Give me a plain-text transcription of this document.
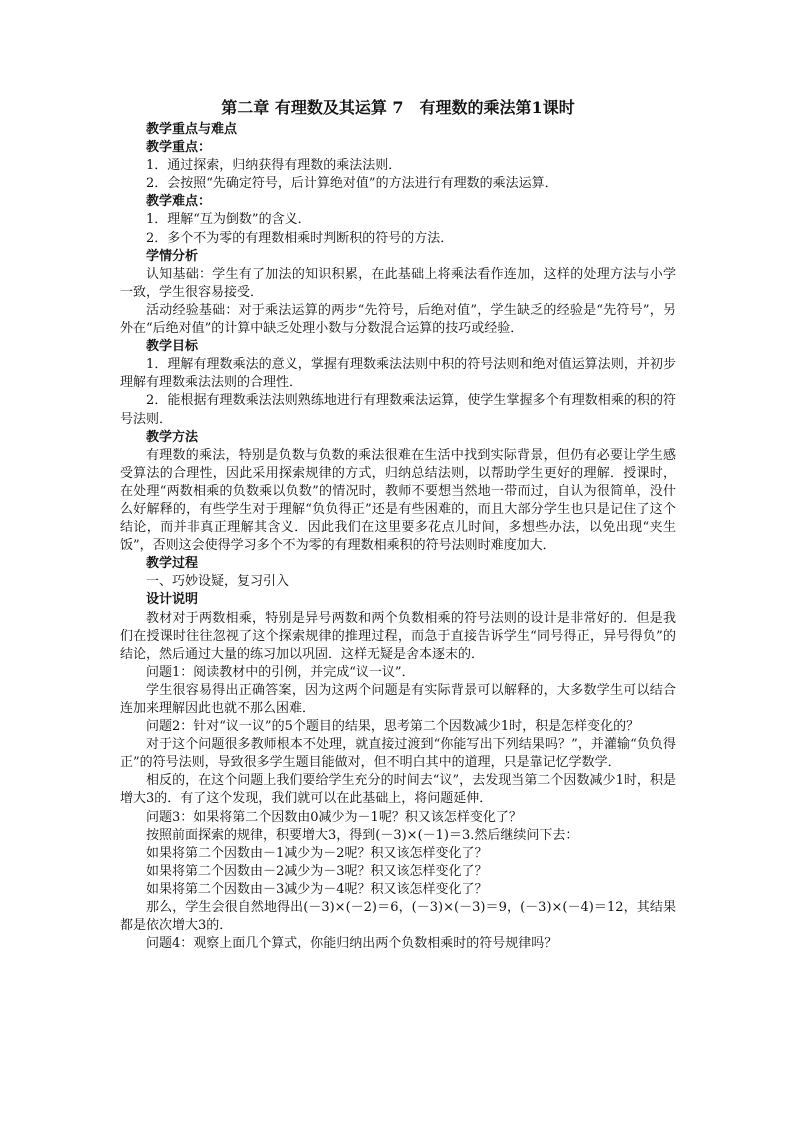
第二章 有理数及其运算 7　有理数的乘法第1课时
教学重点与难点
教学重点：
1．通过探索，归纳获得有理数的乘法法则．
2．会按照“先确定符号，后计算绝对值”的方法进行有理数的乘法运算．
教学难点：
1．理解“互为倒数”的含义．
2．多个不为零的有理数相乘时判断积的符号的方法．
学情分析
认知基础：学生有了加法的知识积累，在此基础上将乘法看作连加，这样的处理方法与小学一致，学生很容易接受．
活动经验基础：对于乘法运算的两步“先符号，后绝对值”，学生缺乏的经验是“先符号”，另外在“后绝对值”的计算中缺乏处理小数与分数混合运算的技巧或经验．
教学目标
1．理解有理数乘法的意义，掌握有理数乘法法则中积的符号法则和绝对值运算法则，并初步理解有理数乘法法则的合理性．
2．能根据有理数乘法法则熟练地进行有理数乘法运算，使学生掌握多个有理数相乘的积的符号法则．
教学方法
有理数的乘法，特别是负数与负数的乘法很难在生活中找到实际背景，但仍有必要让学生感受算法的合理性，因此采用探索规律的方式，归纳总结法则，以帮助学生更好的理解．授课时，在处理“两数相乘的负数乘以负数”的情况时，教师不要想当然地一带而过，自认为很简单，没什么好解释的，有些学生对于理解“负负得正”还是有些困难的，而且大部分学生也只是记住了这个结论，而并非真正理解其含义．因此我们在这里要多花点儿时间，多想些办法，以免出现“夹生饭”，否则这会使得学习多个不为零的有理数相乘积的符号法则时难度加大．
教学过程
一、巧妙设疑，复习引入
设计说明
教材对于两数相乘，特别是异号两数和两个负数相乘的符号法则的设计是非常好的．但是我们在授课时往往忽视了这个探索规律的推理过程，而急于直接告诉学生“同号得正，异号得负”的结论，然后通过大量的练习加以巩固．这样无疑是舍本逐末的．
问题1：阅读教材中的引例，并完成“议一议”．
学生很容易得出正确答案，因为这两个问题是有实际背景可以解释的，大多数学生可以结合连加来理解因此也就不那么困难．
问题2：针对“议一议”的5个题目的结果，思考第二个因数减少1时，积是怎样变化的？
对于这个问题很多教师根本不处理，就直接过渡到“你能写出下列结果吗？”，并灌输“负负得正”的符号法则，导致很多学生题目能做对，但不明白其中的道理，只是靠记忆学数学．
相反的，在这个问题上我们要给学生充分的时间去“议”，去发现当第二个因数减少1时，积是增大3的．有了这个发现，我们就可以在此基础上，将问题延伸．
问题3：如果将第二个因数由0减少为－1呢？积又该怎样变化了？
按照前面探索的规律，积要增大3，得到(－3)×(－1)＝3.然后继续问下去：
如果将第二个因数由－1减少为－2呢？积又该怎样变化了？
如果将第二个因数由－2减少为－3呢？积又该怎样变化了？
如果将第二个因数由－3减少为－4呢？积又该怎样变化了？
那么，学生会很自然地得出(－3)×(－2)＝6，(－3)×(－3)＝9，(－3)×(－4)＝12，其结果都是依次增大3的．
问题4：观察上面几个算式，你能归纳出两个负数相乘时的符号规律吗？
